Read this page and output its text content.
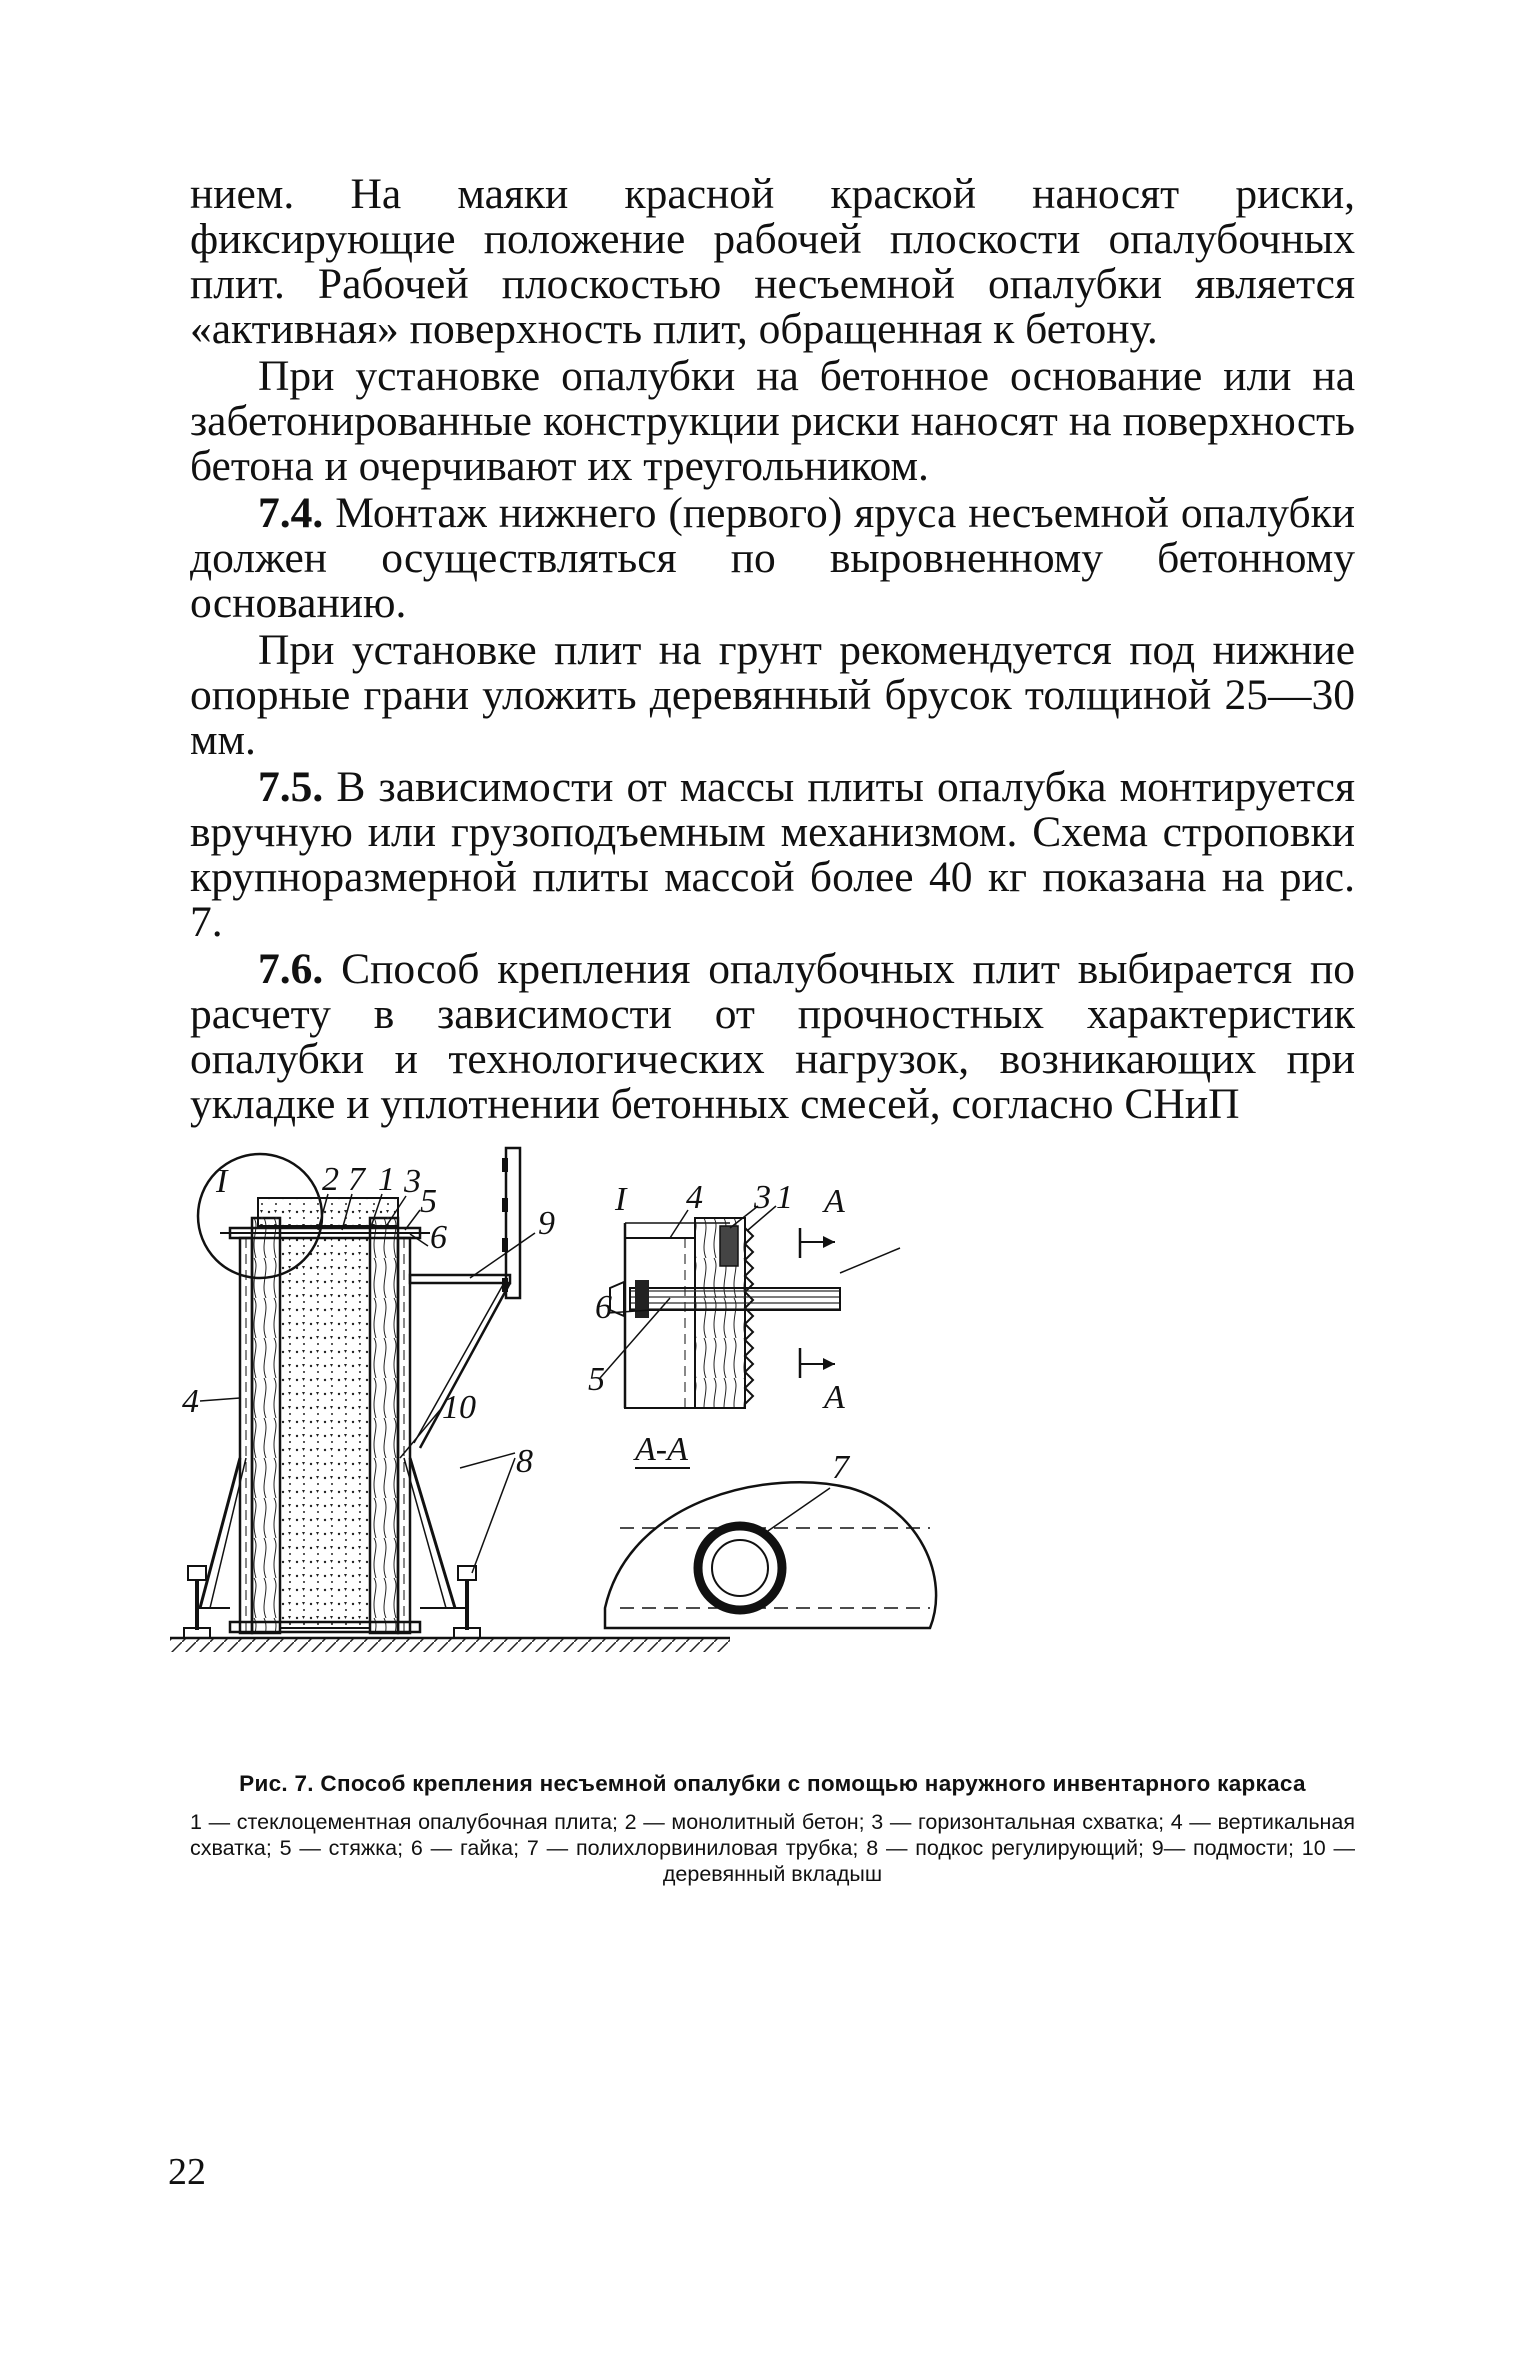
нием. На маяки красной краской наносят риски, фиксирующие положение рабочей плоскости опалубочных плит. Рабочей плоскостью несъемной опалубки является «активная» поверхность плит, обращенная к бетону.

При установке опалубки на бетонное основание или на забетонированные конструкции риски наносят на поверхность бетона и очерчивают их треугольником.

7.4. Монтаж нижнего (первого) яруса несъемной опалубки должен осуществляться по выровненному бетонному основанию.

При установке плит на грунт рекомендуется под нижние опорные грани уложить деревянный брусок толщиной 25—30 мм.

7.5. В зависимости от массы плиты опалубка монтируется вручную или грузоподъемным механизмом. Схема строповки крупноразмерной плиты массой более 40 кг показана на рис. 7.

7.6. Способ крепления опалубочных плит выбирается по расчету в зависимости от прочностных характеристик опалубки и технологических нагрузок, возникающих при укладке и уплотнении бетонных смесей, согласно СНиП

I	2 7 1 3
5
6	9
4	10
8
I 4 3 1
6
5
A
A
А-А	7
Рис. 7. Способ крепления несъемной опалубки с помощью наружного инвентарного каркаса
1 — стеклоцементная опалубочная плита; 2 — монолитный бетон; 3 — горизонтальная схватка; 4 — вертикальная схватка; 5 — стяжка; 6 — гайка; 7 — полихлорвиниловая трубка; 8 — подкос регулирующий; 9— подмости; 10 — деревянный вкладыш
22
